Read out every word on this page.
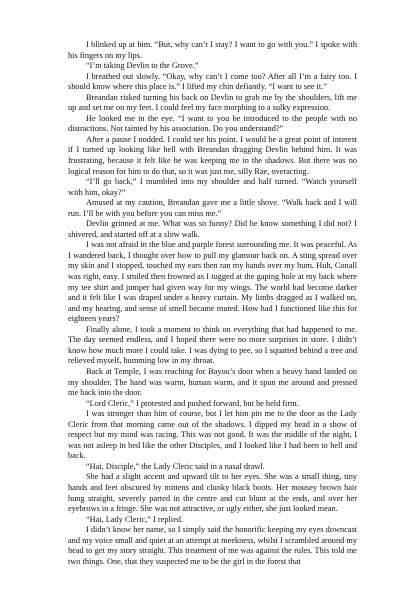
I blinked up at him. “But, why can’t I stay? I want to go with you.” I spoke with his fingers on my lips.

“I’m taking Devlin to the Grove.”

I breathed out slowly. “Okay, why can’t I come too? After all I’m a fairy too. I should know where this place is.” I lifted my chin defiantly. “I want to see it.”

Breandan risked turning his back on Devlin to grab me by the shoulders, lift me up and set me on my feet. I could feel my face morphing to a sulky expression.

He looked me in the eye. “I want to you be introduced to the people with no distractions. Not tainted by his association. Do you understand?”

After a pause I nodded. I could see his point. I would be a great point of interest if I turned up looking like hell with Breandan dragging Devlin behind him. It was frustrating, because it felt like he was keeping me in the shadows. But there was no logical reason for him to do that, so it was just me, silly Rae, overacting.

“I’ll go back,” I mumbled into my shoulder and half turned. “Watch yourself with him, okay?”

Amused at my caution, Breandan gave me a little shove. “Walk back and I will run. I’ll be with you before you can miss me.”

Devlin grinned at me. What was so funny? Did he know something I did not? I shivered, and started off at a slow walk.

I was not afraid in the blue and purple forest surrounding me. It was peaceful. As I wandered back, I thought over how to pull my glamour back on. A sting spread over my skin and I stopped, touched my ears then ran my hands over my bum. Huh, Conall was right, easy. I smiled then frowned as I tugged at the gaping hole at my back where my tee shirt and jumper had given way for my wings. The world had become darker and it felt like I was draped under a heavy curtain. My limbs dragged as I walked on, and my hearing, and sense of smell became muted. How had I functioned like this for eighteen years?

Finally alone, I took a moment to think on everything that had happened to me. The day seemed endless, and I hoped there were no more surprises in store. I didn’t know how much more I could take. I was dying to pee, so I squatted behind a tree and relieved myself, humming low in my throat.

Back at Temple, I was reaching for Bayou’s door when a heavy hand landed on my shoulder. The hand was warm, human warm, and it spun me around and pressed me back into the door.

“Lord Cleric,” I protested and pushed forward, but he held firm.

I was stronger than him of course, but I let him pin me to the door as the Lady Cleric from that morning came out of the shadows. I dipped my head in a show of respect but my mind was racing. This was not good. It was the middle of the night, I was not asleep in bed like the other Disciples, and I looked like I had been to hell and back.

“Hai, Disciple,” the Lady Cleric said in a nasal drawl.

She had a slight accent and upward tilt to her eyes. She was a small thing, tiny hands and feet obscured by mittens and clunky black boots. Her mousey brown hair hung straight, severely parted in the centre and cut blunt at the ends, and over her eyebrows in a fringe. She was not attractive, or ugly either, she just looked mean.

“Hai, Lady Cleric,” I replied.

I didn’t know her name, so I simply said the honorific keeping my eyes downcast and my voice small and quiet at an attempt at meekness, whilst I scrambled around my head to get my story straight. This treatment of me was against the rules. This told me two things. One, that they suspected me to be the girl in the forest that
